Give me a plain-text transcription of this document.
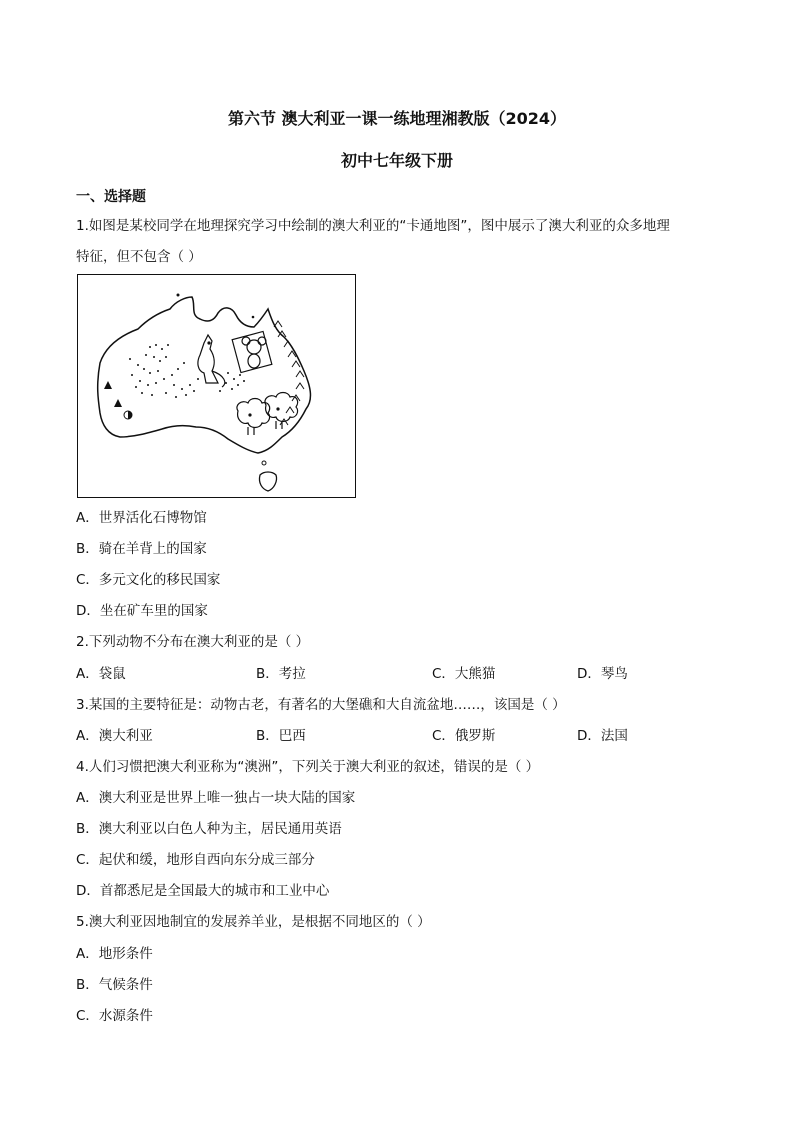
第六节 澳大利亚一课一练地理湘教版（2024）
初中七年级下册
一、选择题
1.如图是某校同学在地理探究学习中绘制的澳大利亚的“卡通地图”，图中展示了澳大利亚的众多地理
特征，但不包含（ ）
A．世界活化石博物馆
B．骑在羊背上的国家
C．多元文化的移民国家
D．坐在矿车里的国家
2.下列动物不分布在澳大利亚的是（ ）
A．袋鼠	B．考拉	C．大熊猫	D．琴鸟
3.某国的主要特征是：动物古老，有著名的大堡礁和大自流盆地……，该国是（ ）
A．澳大利亚	B．巴西	C．俄罗斯	D．法国
4.人们习惯把澳大利亚称为“澳洲”，下列关于澳大利亚的叙述，错误的是（ ）
A．澳大利亚是世界上唯一独占一块大陆的国家
B．澳大利亚以白色人种为主，居民通用英语
C．起伏和缓，地形自西向东分成三部分
D．首都悉尼是全国最大的城市和工业中心
5.澳大利亚因地制宜的发展养羊业，是根据不同地区的（ ）
A．地形条件
B．气候条件
C．水源条件
